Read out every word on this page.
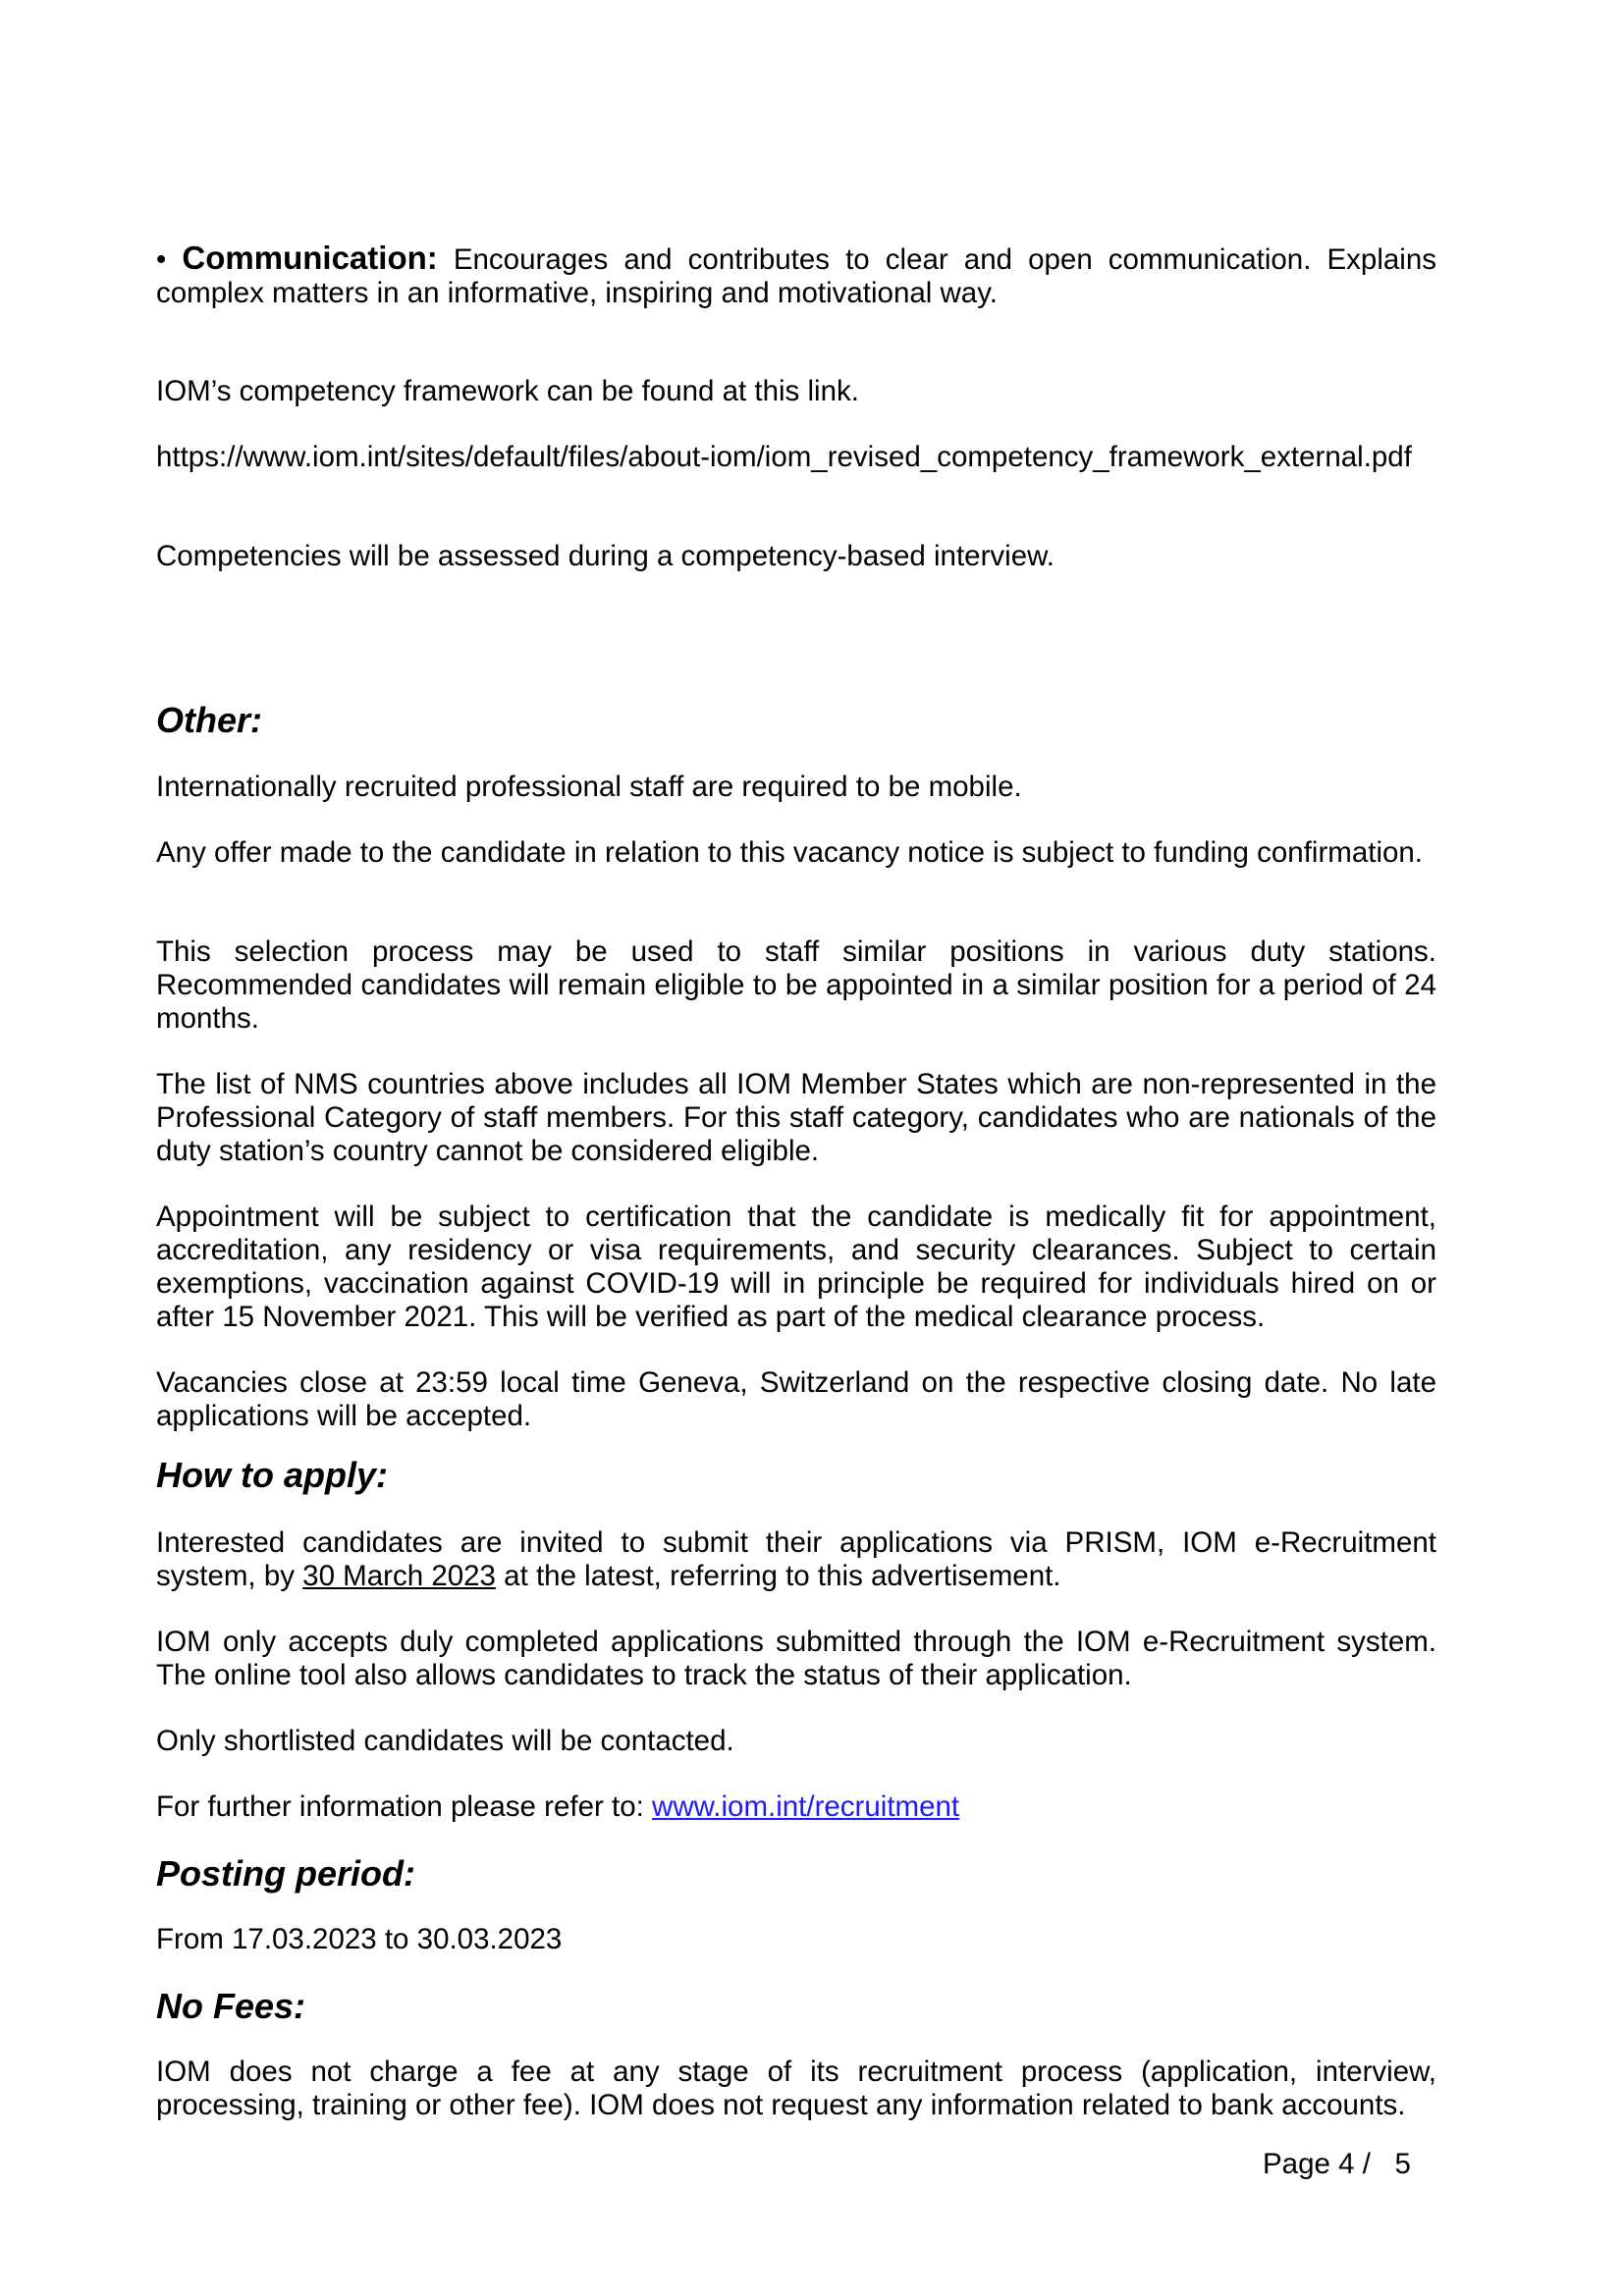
• Communication: Encourages and contributes to clear and open communication. Explains complex matters in an informative, inspiring and motivational way.
IOM’s competency framework can be found at this link.
https://www.iom.int/sites/default/files/about-iom/iom_revised_competency_framework_external.pdf
Competencies will be assessed during a competency-based interview.
Other:
Internationally recruited professional staff are required to be mobile.
Any offer made to the candidate in relation to this vacancy notice is subject to funding confirmation.
This selection process may be used to staff similar positions in various duty stations. Recommended candidates will remain eligible to be appointed in a similar position for a period of 24 months.
The list of NMS countries above includes all IOM Member States which are non-represented in the Professional Category of staff members. For this staff category, candidates who are nationals of the duty station’s country cannot be considered eligible.
Appointment will be subject to certification that the candidate is medically fit for appointment, accreditation, any residency or visa requirements, and security clearances. Subject to certain exemptions, vaccination against COVID-19 will in principle be required for individuals hired on or after 15 November 2021. This will be verified as part of the medical clearance process.
Vacancies close at 23:59 local time Geneva, Switzerland on the respective closing date. No late applications will be accepted.
How to apply:
Interested candidates are invited to submit their applications via PRISM, IOM e-Recruitment system, by 30 March 2023 at the latest, referring to this advertisement.
IOM only accepts duly completed applications submitted through the IOM e-Recruitment system. The online tool also allows candidates to track the status of their application.
Only shortlisted candidates will be contacted.
For further information please refer to: www.iom.int/recruitment
Posting period:
From 17.03.2023 to 30.03.2023
No Fees:
IOM does not charge a fee at any stage of its recruitment process (application, interview, processing, training or other fee). IOM does not request any information related to bank accounts.
Page 4 /   5
